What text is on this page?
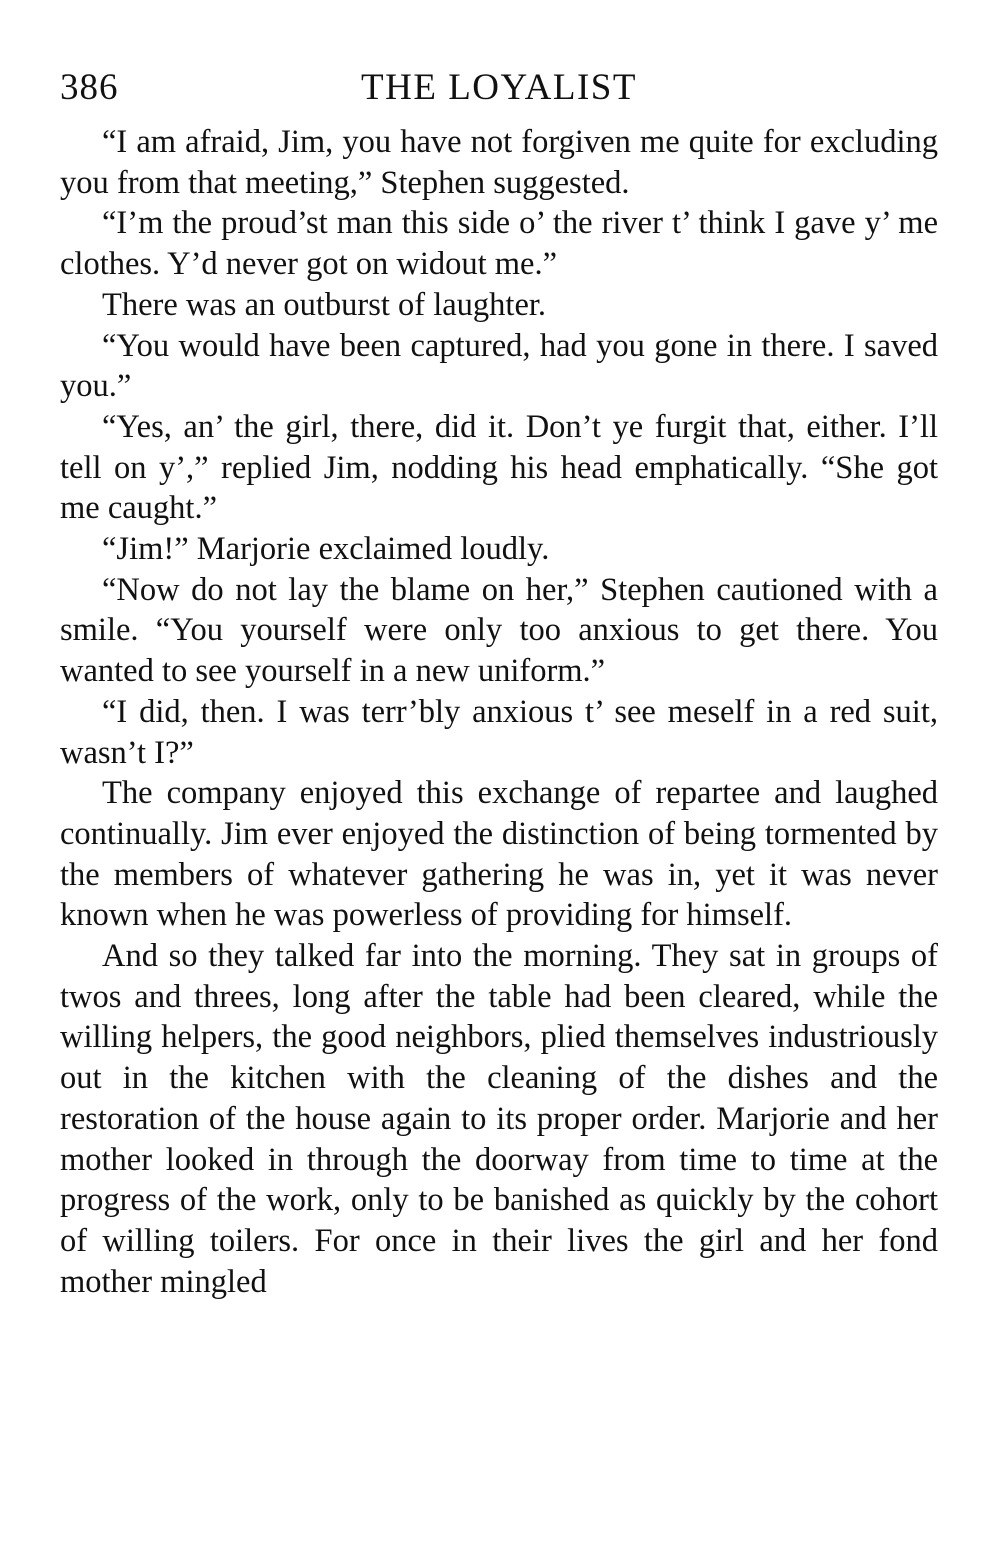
386	THE LOYALIST

“I am afraid, Jim, you have not forgiven me quite for excluding you from that meeting,” Stephen suggested.

“I’m the proud’st man this side o’ the river t’ think I gave y’ me clothes. Y’d never got on widout me.”

There was an outburst of laughter.

“You would have been captured, had you gone in there. I saved you.”

“Yes, an’ the girl, there, did it. Don’t ye furgit that, either. I’ll tell on y’,” replied Jim, nodding his head emphatically. “She got me caught.”

“Jim!” Marjorie exclaimed loudly.

“Now do not lay the blame on her,” Stephen cautioned with a smile. “You yourself were only too anxious to get there. You wanted to see yourself in a new uniform.”

“I did, then. I was terr’bly anxious t’ see meself in a red suit, wasn’t I?”

The company enjoyed this exchange of repartee and laughed continually. Jim ever enjoyed the distinction of being tormented by the members of whatever gathering he was in, yet it was never known when he was powerless of providing for himself.

And so they talked far into the morning. They sat in groups of twos and threes, long after the table had been cleared, while the willing helpers, the good neighbors, plied themselves industriously out in the kitchen with the cleaning of the dishes and the restoration of the house again to its proper order. Marjorie and her mother looked in through the doorway from time to time at the progress of the work, only to be banished as quickly by the cohort of willing toilers. For once in their lives the girl and her fond mother mingled
